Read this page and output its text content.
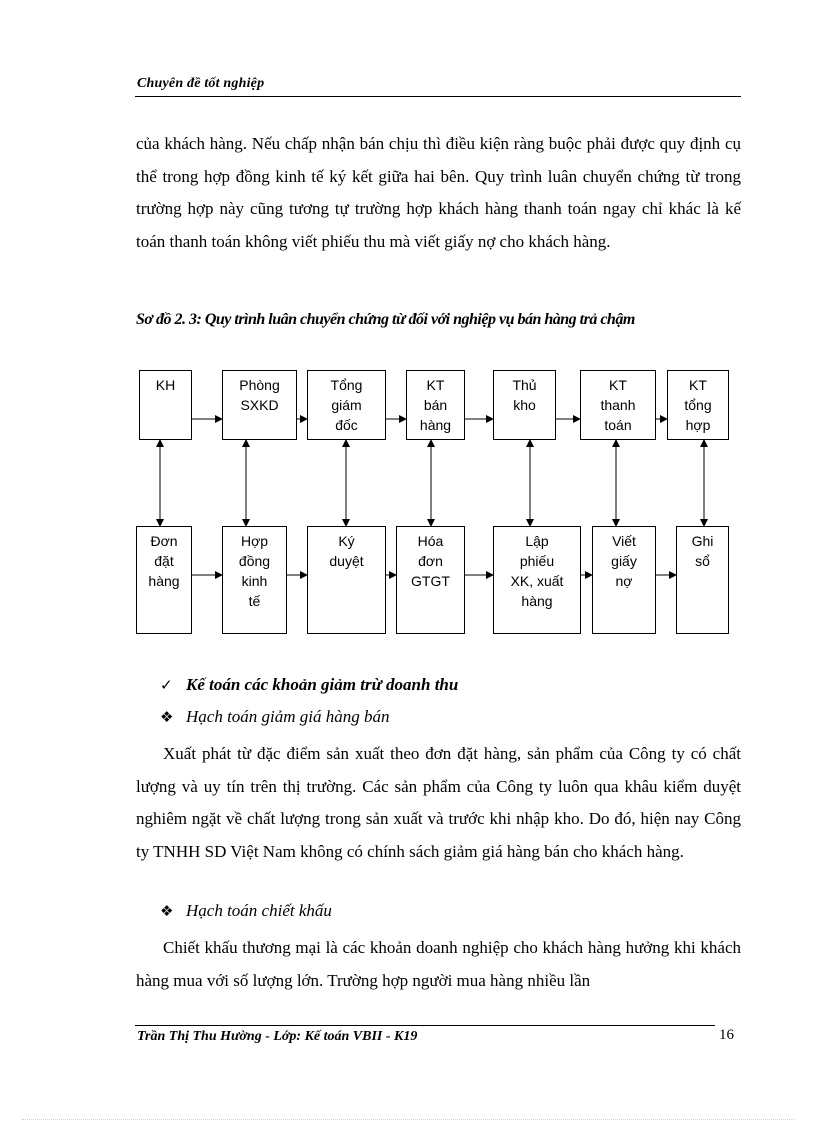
Chuyên đề tốt nghiệp
của khách hàng. Nếu chấp nhận bán chịu thì điều kiện ràng buộc phải được quy định cụ thể trong hợp đồng kinh tế ký kết giữa hai bên. Quy trình luân chuyển chứng từ trong trường hợp này cũng tương tự trường hợp khách hàng thanh toán ngay chỉ khác là kế toán thanh toán không viết phiếu thu mà viết giấy nợ cho khách hàng.
Sơ đồ 2. 3: Quy trình luân chuyển chứng từ đối với nghiệp vụ bán hàng trả chậm
KH	Phòng
SXKD
Tổng
giám
đốc
KT
bán
hàng
Thủ
kho
KT
thanh
toán
KT
tổng
hợp
Đơn
đặt
hàng
Hợp
đồng
kinh
tế
Ký
duyệt
Hóa
đơn
GTGT
Lập
phiếu
XK, xuất
hàng
Viết
giấy
nợ
Ghi
sổ
✓ Kế toán các khoản giảm trừ doanh thu
❖ Hạch toán giảm giá hàng bán
Xuất phát từ đặc điểm sản xuất theo đơn đặt hàng, sản phẩm của Công ty có chất lượng và uy tín trên thị trường. Các sản phẩm của Công ty luôn qua khâu kiểm duyệt nghiêm ngặt về chất lượng trong sản xuất và trước khi nhập kho. Do đó, hiện nay Công ty TNHH SD Việt Nam không có chính sách giảm giá hàng bán cho khách hàng.
❖ Hạch toán chiết khấu
Chiết khấu thương mại là các khoản doanh nghiệp cho khách hàng hưởng khi khách hàng mua với số lượng lớn. Trường hợp người mua hàng nhiều lần
Trần Thị Thu Hường - Lớp: Kế toán VBII - K19	16
